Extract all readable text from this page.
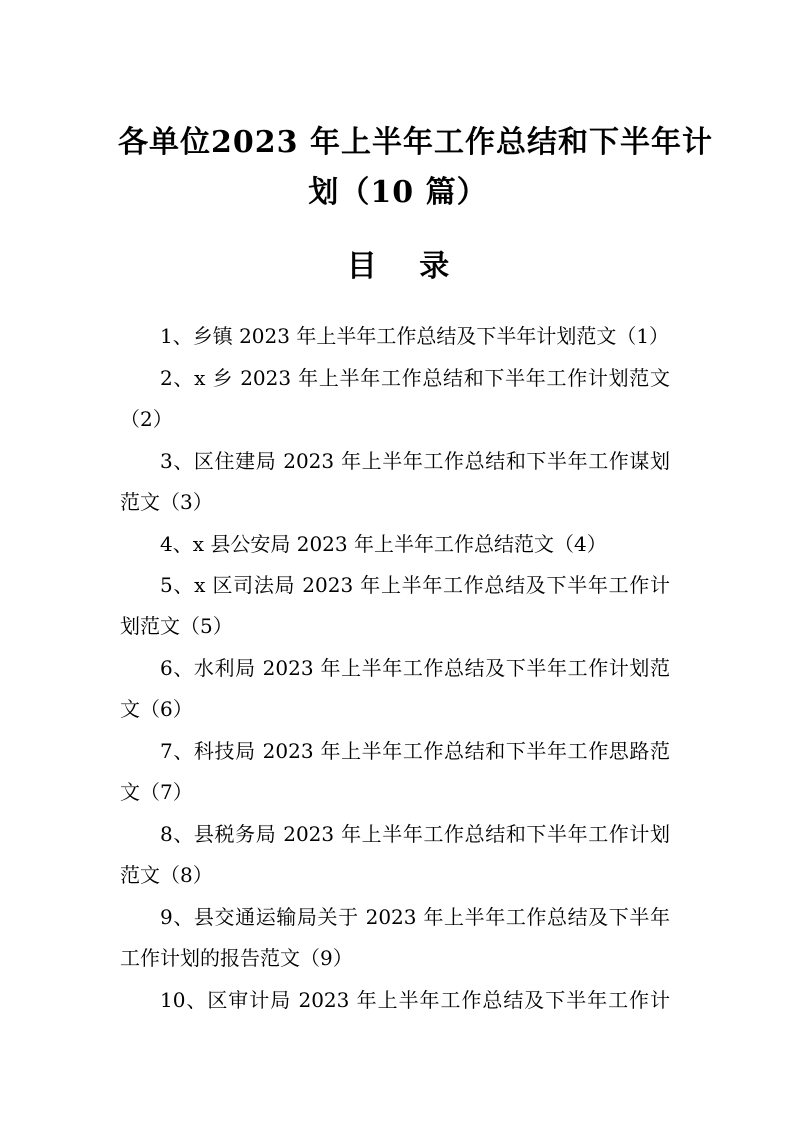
各单位2023 年上半年工作总结和下半年计
划（10 篇）
目 录
1、乡镇 2023 年上半年工作总结及下半年计划范文（1）
2、x 乡 2023 年上半年工作总结和下半年工作计划范文
（2）
3、区住建局 2023 年上半年工作总结和下半年工作谋划
范文（3）
4、x 县公安局 2023 年上半年工作总结范文（4）
5、x 区司法局 2023 年上半年工作总结及下半年工作计
划范文（5）
6、水利局 2023 年上半年工作总结及下半年工作计划范
文（6）
7、科技局 2023 年上半年工作总结和下半年工作思路范
文（7）
8、县税务局 2023 年上半年工作总结和下半年工作计划
范文（8）
9、县交通运输局关于 2023 年上半年工作总结及下半年
工作计划的报告范文（9）
10、区审计局 2023 年上半年工作总结及下半年工作计
